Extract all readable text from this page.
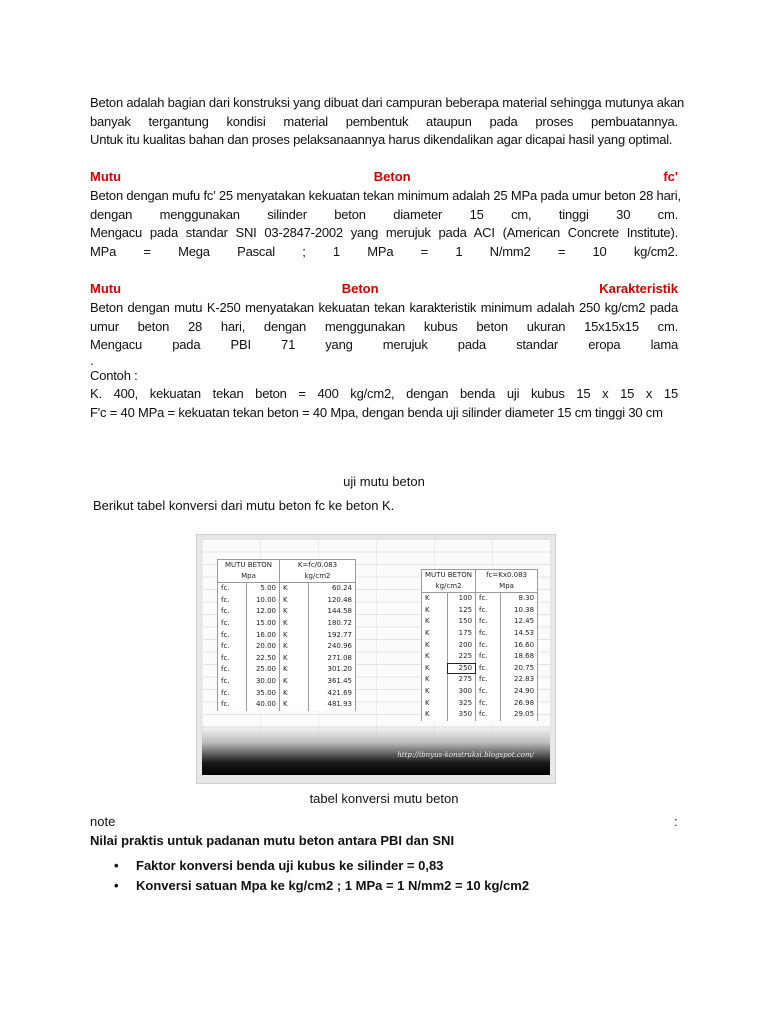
Beton adalah bagian dari konstruksi yang dibuat dari campuran beberapa material sehingga mutunya akan
banyak tergantung kondisi material pembentuk ataupun pada proses pembuatannya.
Untuk itu kualitas bahan dan proses pelaksanaannya harus dikendalikan agar dicapai hasil yang optimal.
Mutu	Beton	fc'
Beton dengan mufu fc' 25 menyatakan kekuatan tekan minimum adalah 25 MPa pada umur beton 28 hari,
dengan menggunakan silinder beton diameter 15 cm, tinggi 30 cm.
Mengacu pada standar SNI 03-2847-2002 yang merujuk pada ACI (American Concrete Institute).
MPa = Mega Pascal ; 1 MPa = 1 N/mm2 = 10 kg/cm2.
Mutu	Beton	Karakteristik
Beton dengan mutu K-250 menyatakan kekuatan tekan karakteristik minimum adalah 250 kg/cm2 pada
umur beton 28 hari, dengan menggunakan kubus beton ukuran 15x15x15 cm.
Mengacu pada PBI 71 yang merujuk pada standar eropa lama
.
Contoh :
K. 400, kekuatan tekan beton = 400 kg/cm2, dengan benda uji kubus 15 x 15 x 15
F'c = 40 MPa = kekuatan tekan beton = 40 Mpa, dengan benda uji silinder diameter 15 cm tinggi 30 cm
uji mutu beton
Berikut tabel konversi dari mutu beton fc ke beton K.
tabel konversi mutu beton
note	:
Nilai praktis untuk padanan mutu beton antara PBI dan SNI
• Faktor konversi benda uji kubus ke silinder = 0,83
• Konversi satuan Mpa ke kg/cm2 ; 1 MPa = 1 N/mm2 = 10 kg/cm2
MUTU BETON		K=fc/0.083	
Mpa		kg/cm2	
fc.	5.00	K	60.24
fc.	10.00	K	120.48
fc.	12.00	K	144.58
fc.	15.00	K	180.72
fc.	16.00	K	192.77
fc.	20.00	K	240.96
fc.	22.50	K	271.08
fc.	25.00	K	301.20
fc.	30.00	K	361.45
fc.	35.00	K	421.69
fc.	40.00	K	481.93
MUTU BETON		fc=Kx0.083	
kg/cm2		Mpa	
K	100	fc.	8.30
K	125	fc.	10.38
K	150	fc.	12.45
K	175	fc.	14.53
K	200	fc.	16.60
K	225	fc.	18.68
K	250	fc.	20.75
K	275	fc.	22.83
K	300	fc.	24.90
K	325	fc.	26.98
K	350	fc.	29.05
http://ibnyus-konstruksi.blogspot.com/
